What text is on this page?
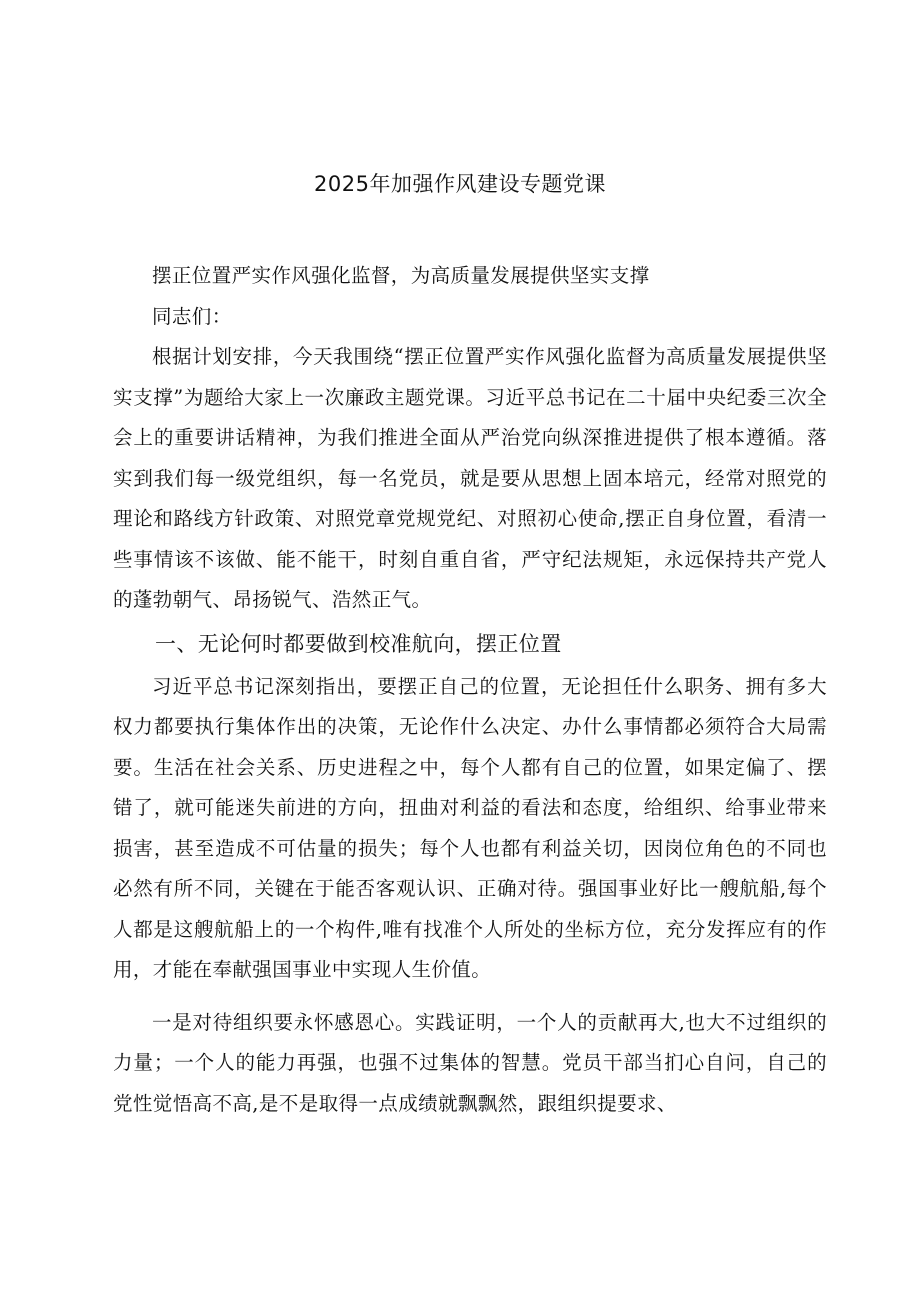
2025年加强作风建设专题党课

摆正位置严实作风强化监督，为高质量发展提供坚实支撑

同志们：

根据计划安排，今天我围绕“摆正位置严实作风强化监督为高质量发展提供坚实支撑”为题给大家上一次廉政主题党课。习近平总书记在二十届中央纪委三次全会上的重要讲话精神，为我们推进全面从严治党向纵深推进提供了根本遵循。落实到我们每一级党组织，每一名党员，就是要从思想上固本培元，经常对照党的理论和路线方针政策、对照党章党规党纪、对照初心使命,摆正自身位置，看清一些事情该不该做、能不能干，时刻自重自省，严守纪法规矩，永远保持共产党人的蓬勃朝气、昂扬锐气、浩然正气。

一、无论何时都要做到校准航向，摆正位置

习近平总书记深刻指出，要摆正自己的位置，无论担任什么职务、拥有多大权力都要执行集体作出的决策，无论作什么决定、办什么事情都必须符合大局需要。生活在社会关系、历史进程之中，每个人都有自己的位置，如果定偏了、摆错了，就可能迷失前进的方向，扭曲对利益的看法和态度，给组织、给事业带来损害，甚至造成不可估量的损失；每个人也都有利益关切，因岗位角色的不同也必然有所不同，关键在于能否客观认识、正确对待。强国事业好比一艘航船,每个人都是这艘航船上的一个构件,唯有找准个人所处的坐标方位，充分发挥应有的作用，才能在奉献强国事业中实现人生价值。

一是对待组织要永怀感恩心。实践证明，一个人的贡献再大,也大不过组织的力量；一个人的能力再强，也强不过集体的智慧。党员干部当扪心自问，自己的党性觉悟高不高,是不是取得一点成绩就飘飘然，跟组织提要求、
